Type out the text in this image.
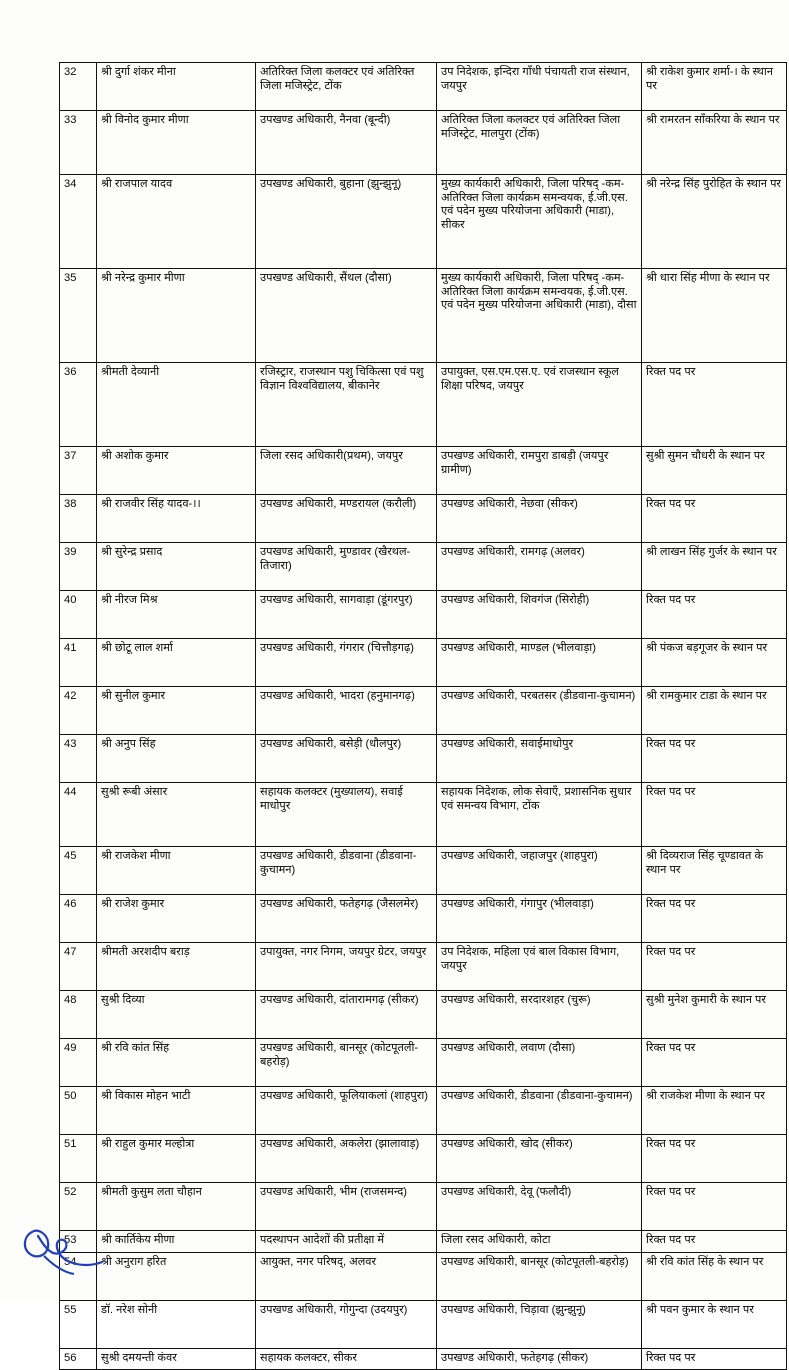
32	श्री दुर्गा शंकर मीना	अतिरिक्त जिला कलक्टर एवं अतिरिक्त जिला मजिस्ट्रेट, टोंक	उप निदेशक, इन्दिरा गाँधी पंचायती राज संस्थान, जयपुर	श्री राकेश कुमार शर्मा-। के स्थान पर
33	श्री विनोद कुमार मीणा	उपखण्ड अधिकारी, नैनवा (बून्दी)	अतिरिक्त जिला कलक्टर एवं अतिरिक्त जिला मजिस्ट्रेट, मालपुरा (टोंक)	श्री रामरतन साँकरिया के स्थान पर
34	श्री राजपाल यादव	उपखण्ड अधिकारी, बुहाना (झुन्झुनू)	मुख्य कार्यकारी अधिकारी, जिला परिषद् -कम- अतिरिक्त जिला कार्यक्रम समन्वयक, ई.जी.एस. एवं पदेन मुख्य परियोजना अधिकारी (माडा), सीकर	श्री नरेन्द्र सिंह पुरोहित के स्थान पर
35	श्री नरेन्द्र कुमार मीणा	उपखण्ड अधिकारी, सैंथल (दौसा)	मुख्य कार्यकारी अधिकारी, जिला परिषद् -कम- अतिरिक्त जिला कार्यक्रम समन्वयक, ई.जी.एस. एवं पदेन मुख्य परियोजना अधिकारी (माडा), दौसा	श्री धारा सिंह मीणा के स्थान पर
36	श्रीमती देव्यानी	रजिस्ट्रार, राजस्थान पशु चिकित्सा एवं पशु विज्ञान विश्वविद्यालय, बीकानेर	उपायुक्त, एस.एम.एस.ए. एवं राजस्थान स्कूल शिक्षा परिषद, जयपुर	रिक्त पद पर
37	श्री अशोक कुमार	जिला रसद अधिकारी(प्रथम), जयपुर	उपखण्ड अधिकारी, रामपुरा डाबड़ी (जयपुर ग्रामीण)	सुश्री सुमन चौधरी के स्थान पर
38	श्री राजवीर सिंह यादव-।।	उपखण्ड अधिकारी, मण्डरायल (करौली)	उपखण्ड अधिकारी, नेछवा (सीकर)	रिक्त पद पर
39	श्री सुरेन्द्र प्रसाद	उपखण्ड अधिकारी, मुण्डावर (खैरथल-तिजारा)	उपखण्ड अधिकारी, रामगढ़ (अलवर)	श्री लाखन सिंह गुर्जर के स्थान पर
40	श्री नीरज मिश्र	उपखण्ड अधिकारी, सागवाड़ा (डूंगरपुर)	उपखण्ड अधिकारी, शिवगंज (सिरोही)	रिक्त पद पर
41	श्री छोटू लाल शर्मा	उपखण्ड अधिकारी, गंगरार (चित्तौड़गढ़)	उपखण्ड अधिकारी, माण्डल (भीलवाड़ा)	श्री पंकज बड़गूजर के स्थान पर
42	श्री सुनील कुमार	उपखण्ड अधिकारी, भादरा (हनुमानगढ़)	उपखण्ड अधिकारी, परबतसर (डीडवाना-कुचामन)	श्री रामकुमार टाडा के स्थान पर
43	श्री अनुप सिंह	उपखण्ड अधिकारी, बसेड़ी (धौलपुर)	उपखण्ड अधिकारी, सवाईमाधोपुर	रिक्त पद पर
44	सुश्री रूबी अंसार	सहायक कलक्टर (मुख्यालय), सवाई माधोपुर	सहायक निदेशक, लोक सेवाएँ, प्रशासनिक सुधार एवं समन्वय विभाग, टोंक	रिक्त पद पर
45	श्री राजकेश मीणा	उपखण्ड अधिकारी, डीडवाना (डीडवाना-कुचामन)	उपखण्ड अधिकारी, जहाजपुर (शाहपुरा)	श्री दिव्यराज सिंह चूण्डावत के स्थान पर
46	श्री राजेश कुमार	उपखण्ड अधिकारी, फतेहगढ़ (जैसलमेर)	उपखण्ड अधिकारी, गंगापुर (भीलवाड़ा)	रिक्त पद पर
47	श्रीमती अरशदीप बराड़	उपायुक्त, नगर निगम, जयपुर ग्रेटर, जयपुर	उप निदेशक, महिला एवं बाल विकास विभाग, जयपुर	रिक्त पद पर
48	सुश्री दिव्या	उपखण्ड अधिकारी, दांतारामगढ़ (सीकर)	उपखण्ड अधिकारी, सरदारशहर (चुरू)	सुश्री मुनेश कुमारी के स्थान पर
49	श्री रवि कांत सिंह	उपखण्ड अधिकारी, बानसूर (कोटपूतली-बहरोड़)	उपखण्ड अधिकारी, लवाण (दौसा)	रिक्त पद पर
50	श्री विकास मोहन भाटी	उपखण्ड अधिकारी, फूलियाकलां (शाहपुरा)	उपखण्ड अधिकारी, डीडवाना (डीडवाना-कुचामन)	श्री राजकेश मीणा के स्थान पर
51	श्री राहुल कुमार मल्होत्रा	उपखण्ड अधिकारी, अकलेरा (झालावाड़)	उपखण्ड अधिकारी, खोद (सीकर)	रिक्त पद पर
52	श्रीमती कुसुम लता चौहान	उपखण्ड अधिकारी, भीम (राजसमन्द)	उपखण्ड अधिकारी, देवू (फलौदी)	रिक्त पद पर
53	श्री कार्तिकेय मीणा	पदस्थापन आदेशों की प्रतीक्षा में	जिला रसद अधिकारी, कोटा	रिक्त पद पर
54	श्री अनुराग हरित	आयुक्त, नगर परिषद्, अलवर	उपखण्ड अधिकारी, बानसूर (कोटपूतली-बहरोड़)	श्री रवि कांत सिंह के स्थान पर
55	डॉ. नरेश सोनी	उपखण्ड अधिकारी, गोगुन्दा (उदयपुर)	उपखण्ड अधिकारी, चिड़ावा (झुन्झुनू)	श्री पवन कुमार के स्थान पर
56	सुश्री दमयन्ती कंवर	सहायक कलक्टर, सीकर	उपखण्ड अधिकारी, फतेहगढ़ (सीकर)	रिक्त पद पर
